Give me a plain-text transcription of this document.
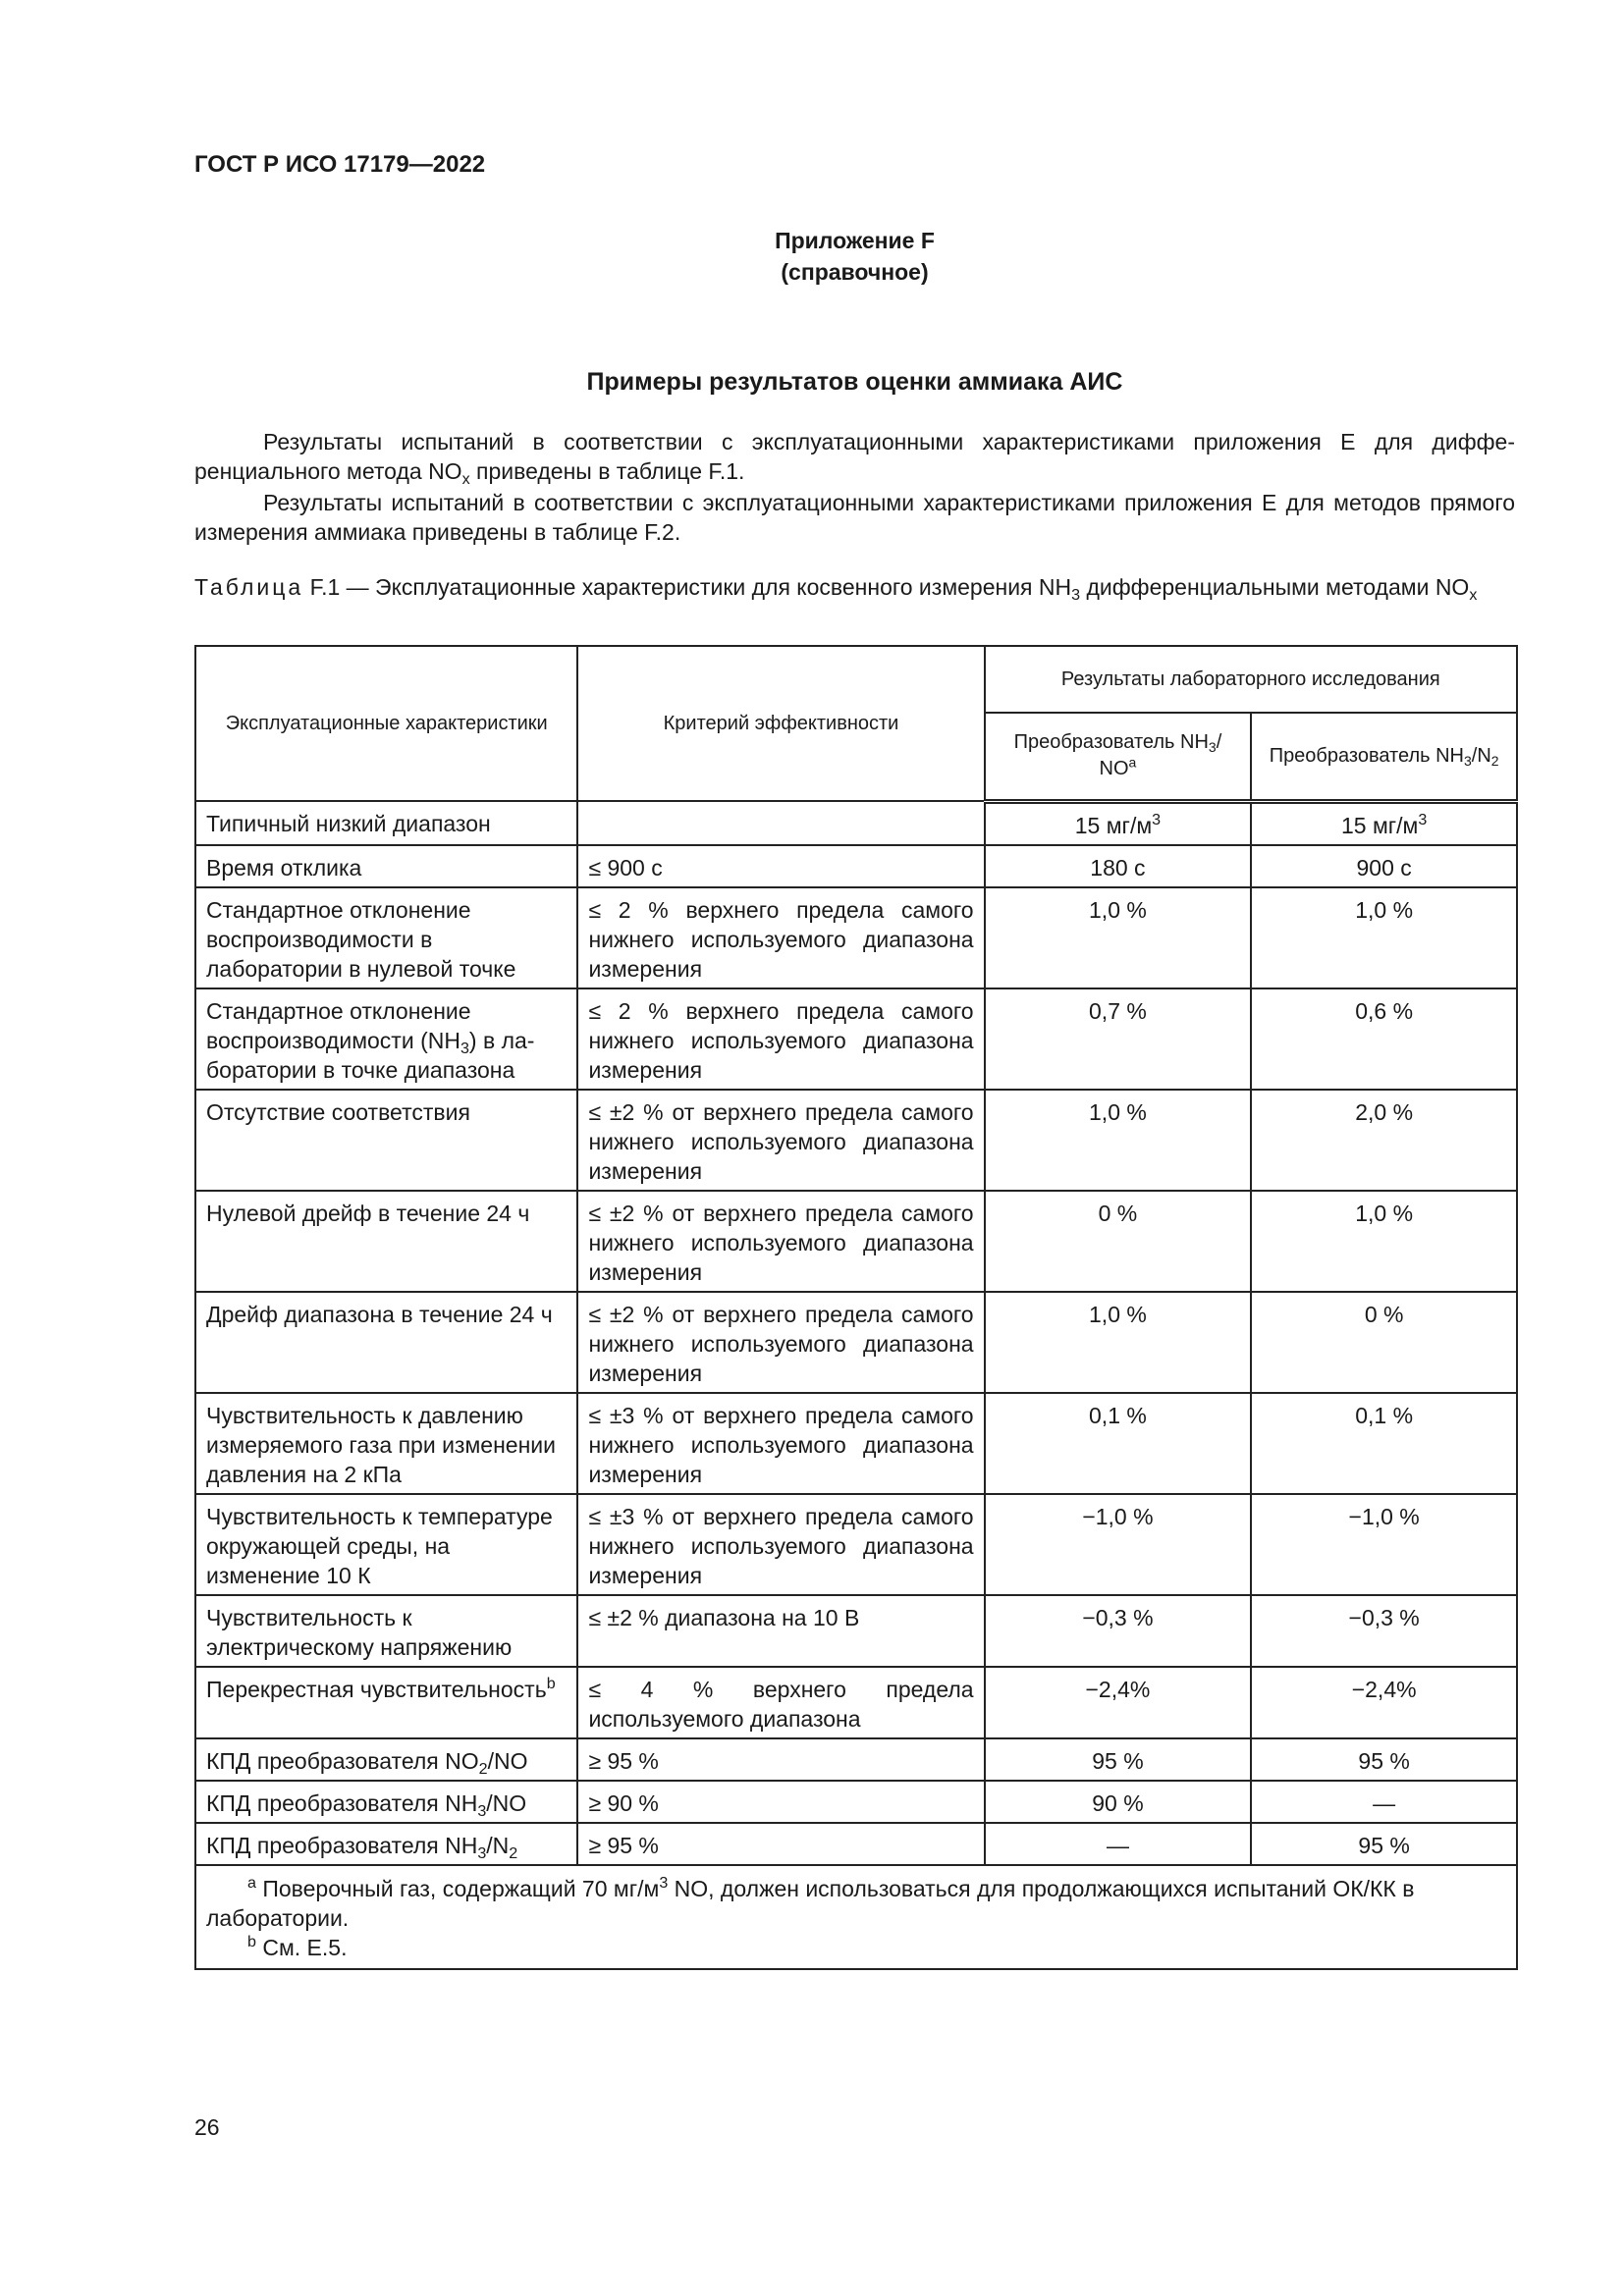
ГОСТ Р ИСО 17179—2022
Приложение F
(справочное)
Примеры результатов оценки аммиака АИС
Результаты испытаний в соответствии с эксплуатационными характеристиками приложения Е для дифференциального метода $NO_x$ приведены в таблице F.1.
Результаты испытаний в соответствии с эксплуатационными характеристиками приложения Е для методов прямого измерения аммиака приведены в таблице F.2.
Таблица F.1 — Эксплуатационные характеристики для косвенного измерения $NH_3$ дифференциальными методами $NO_x$
Эксплуатационные характеристики	Критерий эффективности	Результаты лабораторного исследования	
		Преобразователь $NH_3/$ $NO^a$	Преобразователь $NH_3/N_2$
Типичный низкий диапазон		15 $мг/м^3$	15 $мг/м^3$
Время отклика	≤ 900 с	180 с	900 с
Стандартное отклонение воспроизводимости в лаборатории в нулевой точке	≤ 2 % верхнего предела самого нижнего используемого диапазона измерения	1,0 %	1,0 %
Стандартное отклонение воспроизводимости $(NH_3)$ в лаборатории в точке диапазона	≤ 2 % верхнего предела самого нижнего используемого диапазона измерения	0,7 %	0,6 %
Отсутствие соответствия	≤ ±2 % от верхнего предела самого нижнего используемого диапазона измерения	1,0 %	2,0 %
Нулевой дрейф в течение 24 ч	≤ ±2 % от верхнего предела самого нижнего используемого диапазона измерения	0 %	1,0 %
Дрейф диапазона в течение 24 ч	≤ ±2 % от верхнего предела самого нижнего используемого диапазона измерения	1,0 %	0 %
Чувствительность к давлению измеряемого газа при изменении давления на 2 кПа	≤ ±3 % от верхнего предела самого нижнего используемого диапазона измерения	0,1 %	0,1 %
Чувствительность к температуре окружающей среды, на изменение 10 К	≤ ±3 % от верхнего предела самого нижнего используемого диапазона измерения	−1,0 %	−1,0 %
Чувствительность к электрическому напряжению	≤ ±2 % диапазона на 10 В	−0,3 %	−0,3 %
Перекрестная чувствительность$^b$	≤ 4 % верхнего предела используемого диапазона	−2,4%	−2,4%
КПД преобразователя $NO_2/NO$	≥ 95 %	95 %	95 %
КПД преобразователя $NH_3/NO$	≥ 90 %	90 %	—
КПД преобразователя $NH_3/N_2$	≥ 95 %	—	95 %

$^a$ Поверочный газ, содержащий 70 $мг/м^3$ NO, должен использоваться для продолжающихся испытаний ОК/КК в лаборатории.
$^b$ См. Е.5.			
26
